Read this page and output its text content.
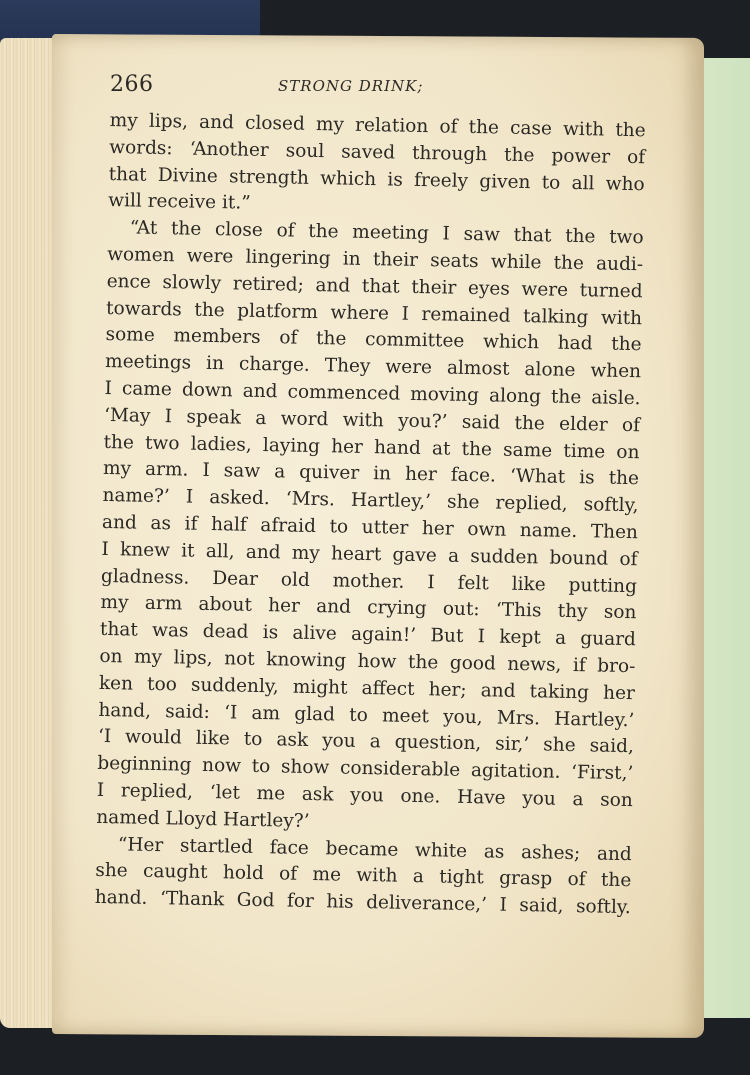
266	STRONG DRINK;
my lips, and closed my relation of the case with the
words: ‘Another soul saved through the power of
that Divine strength which is freely given to all who
will receive it.”
“At the close of the meeting I saw that the two
women were lingering in their seats while the audi-
ence slowly retired; and that their eyes were turned
towards the platform where I remained talking with
some members of the committee which had the
meetings in charge. They were almost alone when
I came down and commenced moving along the aisle.
‘May I speak a word with you?’ said the elder of
the two ladies, laying her hand at the same time on
my arm. I saw a quiver in her face. ‘What is the
name?’ I asked. ‘Mrs. Hartley,’ she replied, softly,
and as if half afraid to utter her own name. Then
I knew it all, and my heart gave a sudden bound of
gladness. Dear old mother. I felt like putting
my arm about her and crying out: ‘This thy son
that was dead is alive again!’ But I kept a guard
on my lips, not knowing how the good news, if bro-
ken too suddenly, might affect her; and taking her
hand, said: ‘I am glad to meet you, Mrs. Hartley.’
‘I would like to ask you a question, sir,’ she said,
beginning now to show considerable agitation. ‘First,’
I replied, ‘let me ask you one. Have you a son
named Lloyd Hartley?’
“Her startled face became white as ashes; and
she caught hold of me with a tight grasp of the
hand. ‘Thank God for his deliverance,’ I said, softly.
